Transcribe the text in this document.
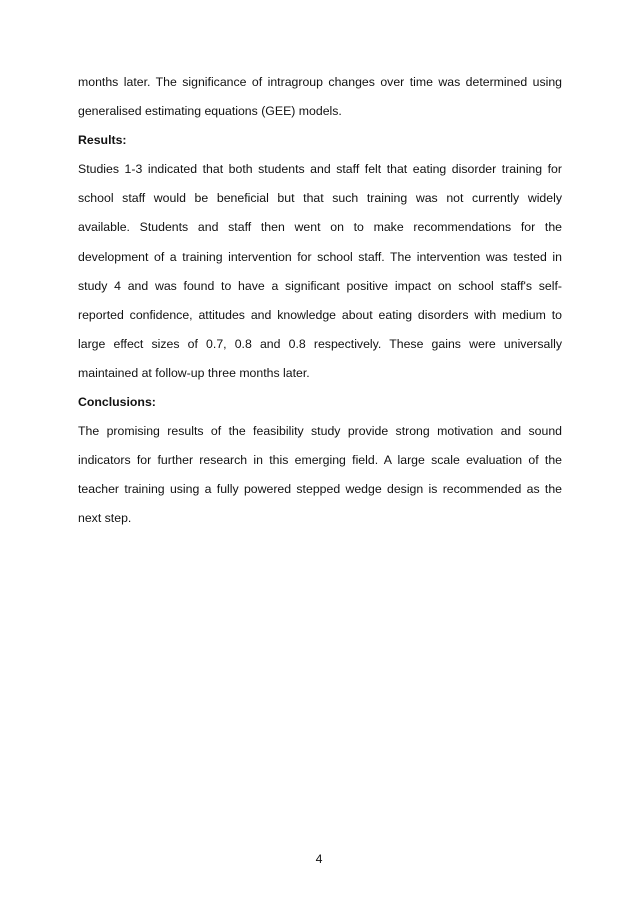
months later. The significance of intragroup changes over time was determined using
generalised estimating equations (GEE) models.
Results:
Studies 1-3 indicated that both students and staff felt that eating disorder training for
school staff would be beneficial but that such training was not currently widely
available. Students and staff then went on to make recommendations for the
development of a training intervention for school staff. The intervention was tested in
study 4 and was found to have a significant positive impact on school staff's self-
reported confidence, attitudes and knowledge about eating disorders with medium to
large effect sizes of 0.7, 0.8 and 0.8 respectively. These gains were universally
maintained at follow-up three months later.
Conclusions:
The promising results of the feasibility study provide strong motivation and sound
indicators for further research in this emerging field. A large scale evaluation of the
teacher training using a fully powered stepped wedge design is recommended as the
next step.
4
